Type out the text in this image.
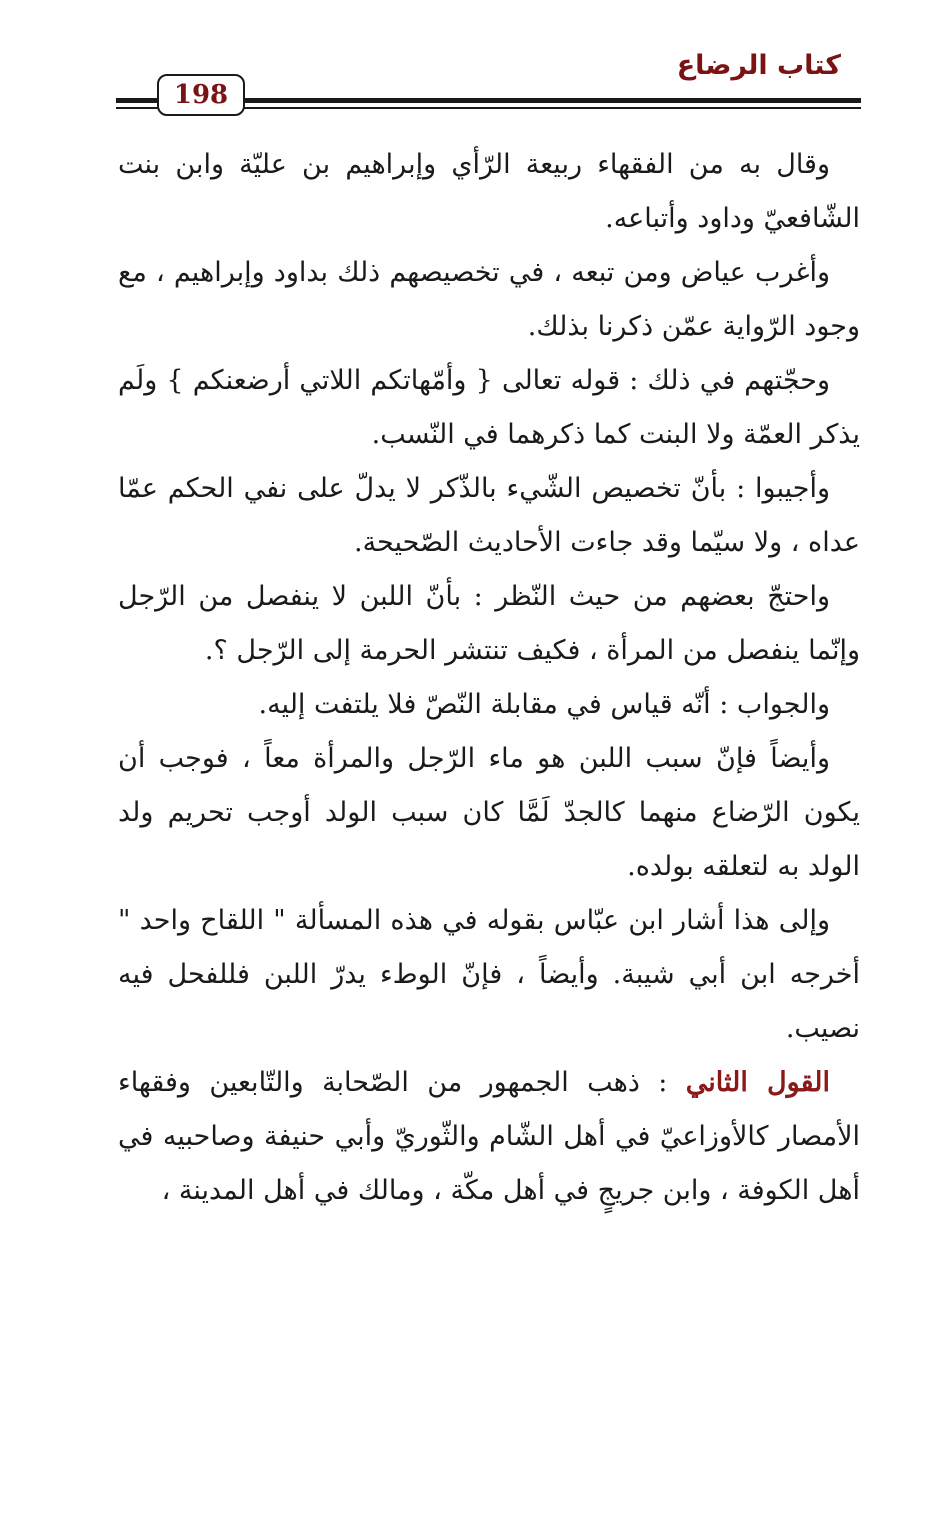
كتاب الرضاع
198

وقال به من الفقهاء ربيعة الرّأي وإبراهيم بن عليّة وابن بنت الشّافعيّ وداود وأتباعه.

وأغرب عياض ومن تبعه ، في تخصيصهم ذلك بداود وإبراهيم ، مع وجود الرّواية عمّن ذكرنا بذلك.

وحجّتهم في ذلك : قوله تعالى { وأمّهاتكم اللاتي أرضعنكم } ولَم يذكر العمّة ولا البنت كما ذكرهما في النّسب.

وأجيبوا : بأنّ تخصيص الشّيء بالذّكر لا يدلّ على نفي الحكم عمّا عداه ، ولا سيّما وقد جاءت الأحاديث الصّحيحة.

واحتجّ بعضهم من حيث النّظر : بأنّ اللبن لا ينفصل من الرّجل وإنّما ينفصل من المرأة ، فكيف تنتشر الحرمة إلى الرّجل ؟.

والجواب : أنّه قياس في مقابلة النّصّ فلا يلتفت إليه.

وأيضاً فإنّ سبب اللبن هو ماء الرّجل والمرأة معاً ، فوجب أن يكون الرّضاع منهما كالجدّ لَمَّا كان سبب الولد أوجب تحريم ولد الولد به لتعلقه بولده.

وإلى هذا أشار ابن عبّاس بقوله في هذه المسألة " اللقاح واحد " أخرجه ابن أبي شيبة. وأيضاً ، فإنّ الوطء يدرّ اللبن فللفحل فيه نصيب.

القول الثاني : ذهب الجمهور من الصّحابة والتّابعين وفقهاء الأمصار كالأوزاعيّ في أهل الشّام والثّوريّ وأبي حنيفة وصاحبيه في أهل الكوفة ، وابن جريجٍ في أهل مكّة ، ومالك في أهل المدينة ،
